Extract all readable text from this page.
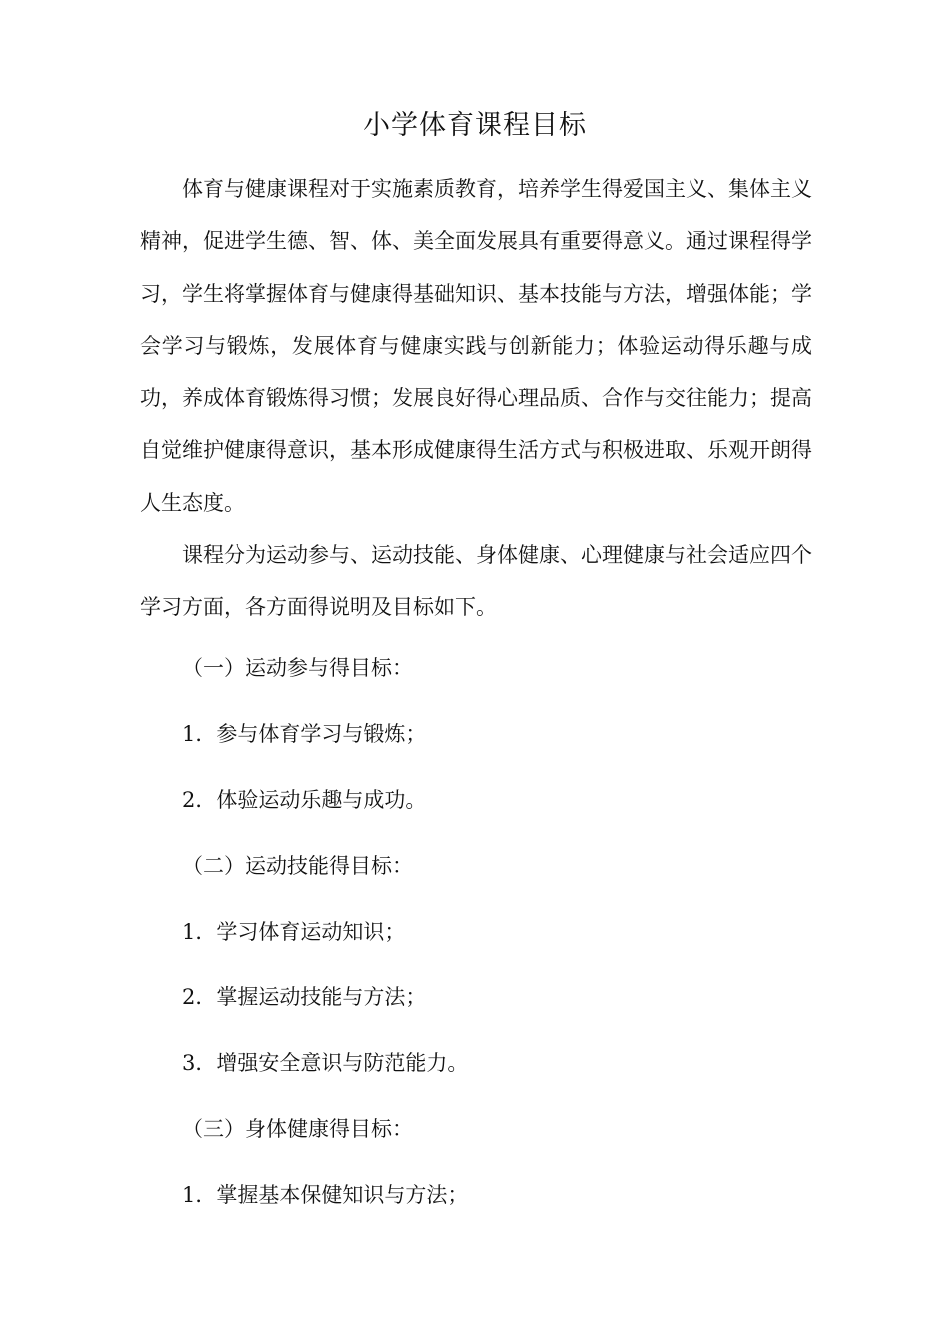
小学体育课程目标

体育与健康课程对于实施素质教育，培养学生得爱国主义、集体主义精神，促进学生德、智、体、美全面发展具有重要得意义。通过课程得学习，学生将掌握体育与健康得基础知识、基本技能与方法，增强体能；学会学习与锻炼，发展体育与健康实践与创新能力；体验运动得乐趣与成功，养成体育锻炼得习惯；发展良好得心理品质、合作与交往能力；提高自觉维护健康得意识，基本形成健康得生活方式与积极进取、乐观开朗得人生态度。

课程分为运动参与、运动技能、身体健康、心理健康与社会适应四个学习方面，各方面得说明及目标如下。

（一）运动参与得目标：

1．参与体育学习与锻炼；

2．体验运动乐趣与成功。

（二）运动技能得目标：

1．学习体育运动知识；

2．掌握运动技能与方法；

3．增强安全意识与防范能力。

（三）身体健康得目标：

1．掌握基本保健知识与方法；
